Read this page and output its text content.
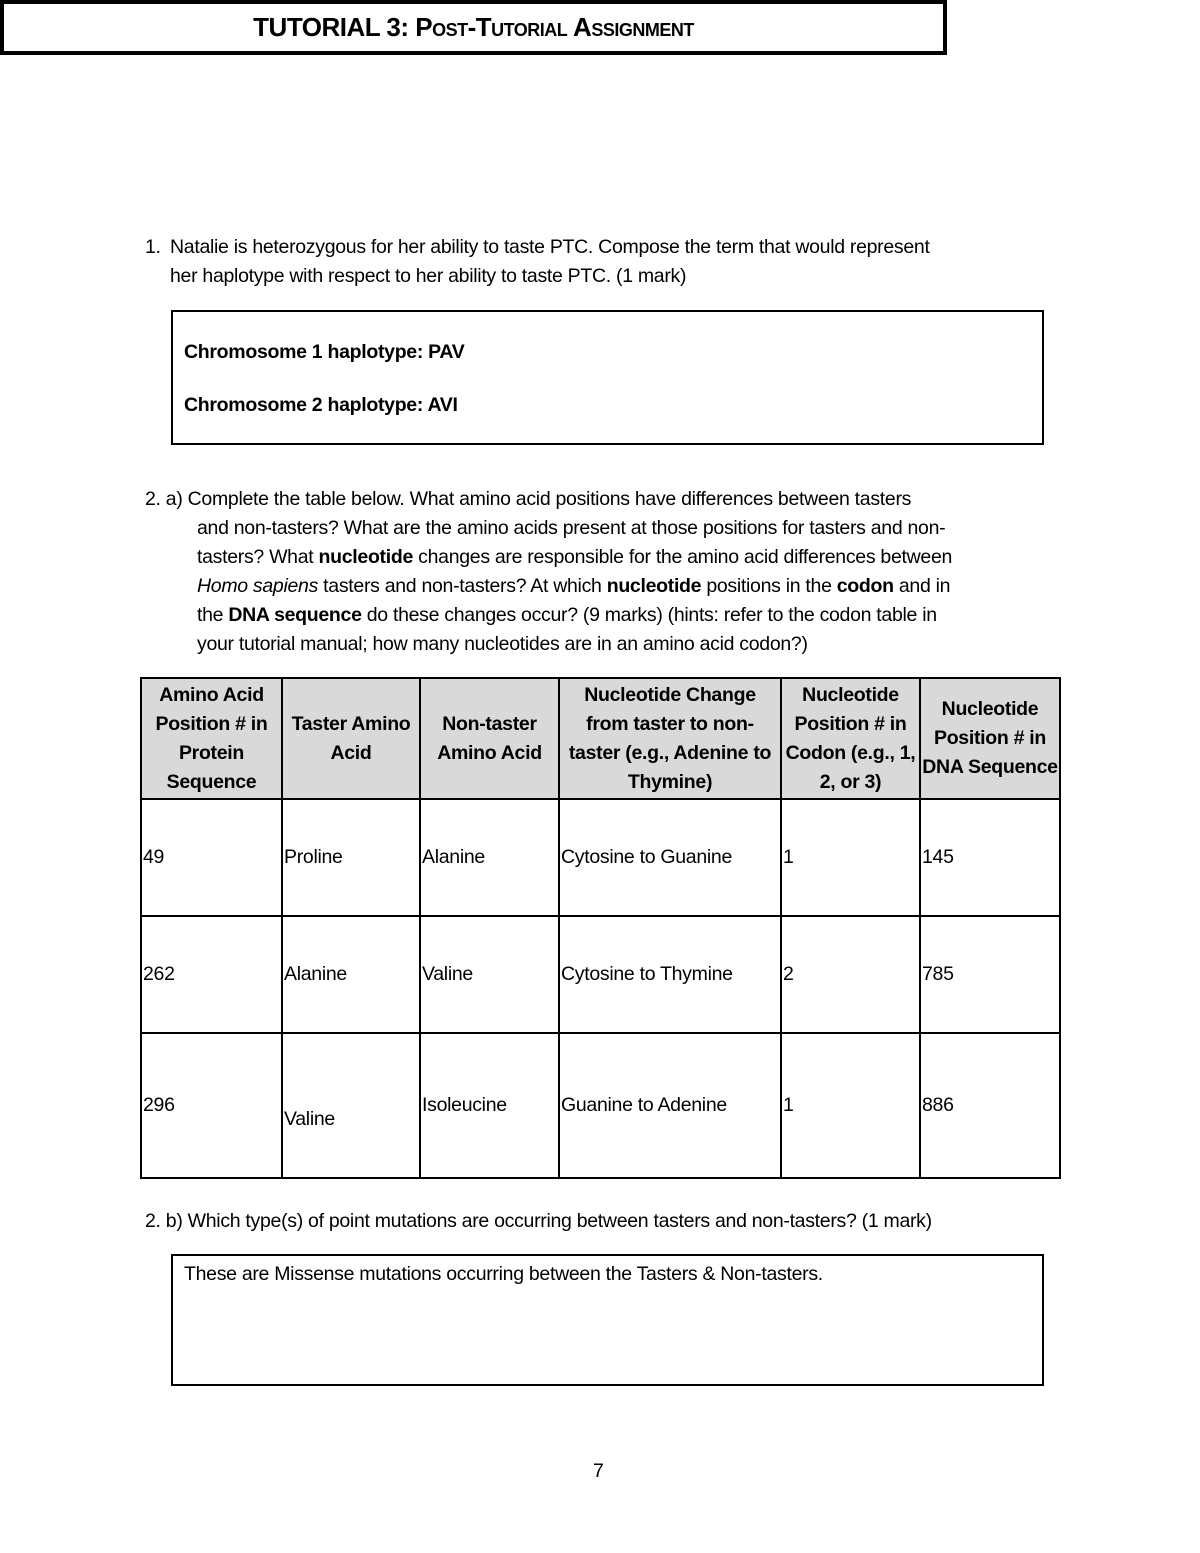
TUTORIAL 3: Post-Tutorial Assignment
1. Natalie is heterozygous for her ability to taste PTC. Compose the term that would represent
her haplotype with respect to her ability to taste PTC. (1 mark)
Chromosome 1 haplotype: PAV
Chromosome 2 haplotype: AVI
2. a) Complete the table below. What amino acid positions have differences between tasters
and non-tasters? What are the amino acids present at those positions for tasters and non-
tasters? What nucleotide changes are responsible for the amino acid differences between
Homo sapiens tasters and non-tasters? At which nucleotide positions in the codon and in
the DNA sequence do these changes occur? (9 marks) (hints: refer to the codon table in
your tutorial manual; how many nucleotides are in an amino acid codon?)
Amino Acid Position # in Protein Sequence	Taster Amino Acid	Non-taster Amino Acid	Nucleotide Change from taster to non-taster (e.g., Adenine to Thymine)	Nucleotide Position # in Codon (e.g., 1, 2, or 3)	Nucleotide Position # in DNA Sequence
49	Proline	Alanine	Cytosine to Guanine	1	145
262	Alanine	Valine	Cytosine to Thymine	2	785
296	Valine	Isoleucine	Guanine to Adenine	1	886
2. b) Which type(s) of point mutations are occurring between tasters and non-tasters? (1 mark)
These are Missense mutations occurring between the Tasters & Non-tasters.
7
